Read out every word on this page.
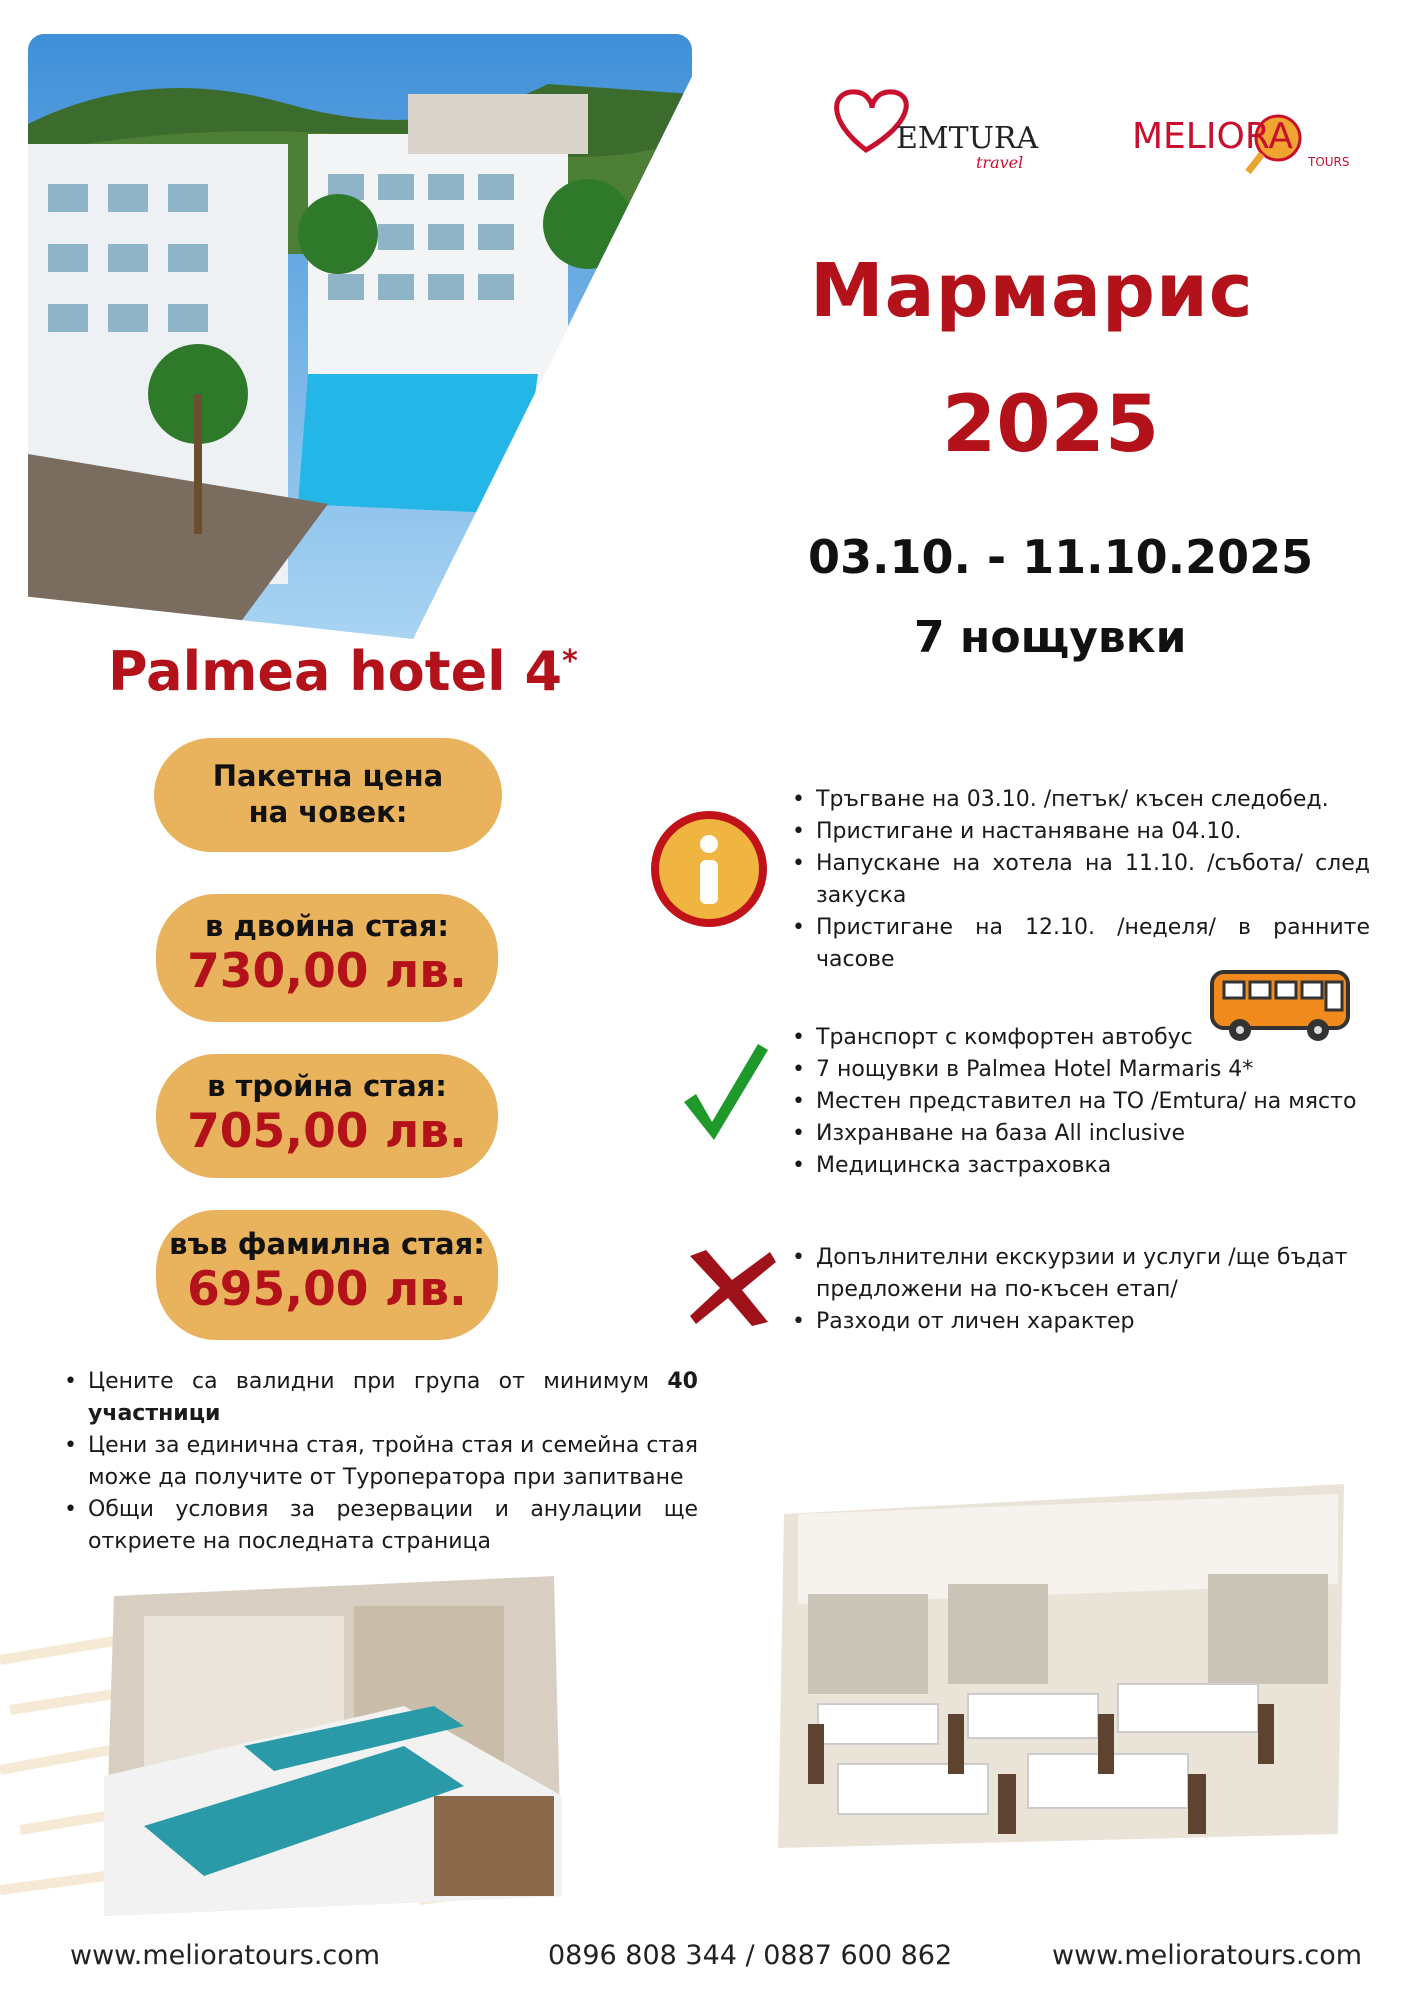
EMTURA
travel
MELIORA
TOURS
Мармарис
2025
03.10. - 11.10.2025
7 нощувки
Palmea hotel 4*
Пакетна цена
на човек:
в двойна стая:
730,00 лв.
в тройна стая:
705,00 лв.
във фамилна стая:
695,00 лв.
• Цените са валидни при група от минимум 40 участници
• Цени за единична стая, тройна стая и семейна стая може да получите от Туроператора при запитване
• Общи условия за резервации и анулации ще откриете на последната страница
• Тръгване на 03.10. /петък/ късен следобед.
• Пристигане и настаняване на 04.10.
• Напускане на хотела на 11.10. /събота/ след закуска
• Пристигане на 12.10. /неделя/ в ранните часове
• Транспорт с комфортен автобус
• 7 нощувки в Palmea Hotel Marmaris 4*
• Местен представител на ТО /Emtura/ на място
• Изхранване на база All inclusive
• Медицинска застраховка
• Допълнителни екскурзии и услуги /ще бъдат предложени на по-късен етап/
• Разходи от личен характер
www.melioratours.com	0896 808 344 / 0887 600 862	www.melioratours.com
